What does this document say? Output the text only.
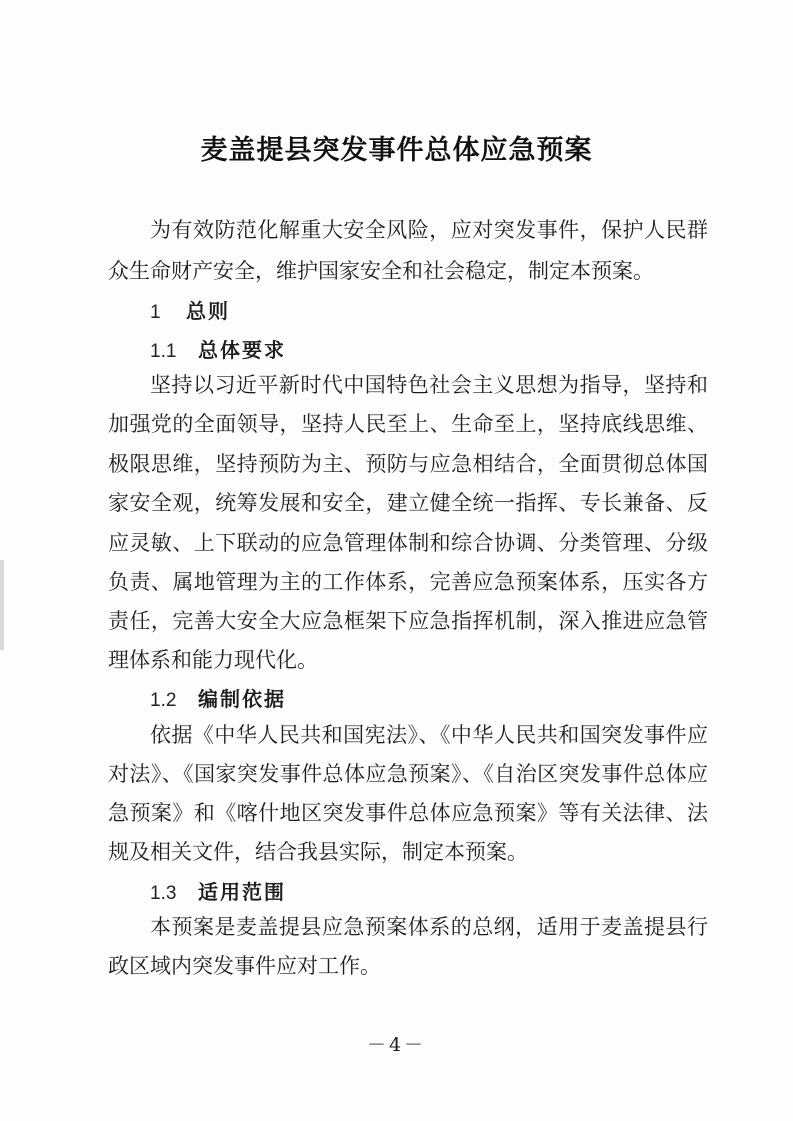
麦盖提县突发事件总体应急预案

为有效防范化解重大安全风险，应对突发事件，保护人民群

众生命财产安全，维护国家安全和社会稳定，制定本预案。

1 总则
1.1 总体要求

坚持以习近平新时代中国特色社会主义思想为指导，坚持和

加强党的全面领导，坚持人民至上、生命至上，坚持底线思维、

极限思维，坚持预防为主、预防与应急相结合，全面贯彻总体国

家安全观，统筹发展和安全，建立健全统一指挥、专长兼备、反

应灵敏、上下联动的应急管理体制和综合协调、分类管理、分级

负责、属地管理为主的工作体系，完善应急预案体系，压实各方

责任，完善大安全大应急框架下应急指挥机制，深入推进应急管

理体系和能力现代化。

1.2 编制依据

依据《中华人民共和国宪法》、《中华人民共和国突发事件应

对法》、《国家突发事件总体应急预案》、《自治区突发事件总体应

急预案》和《喀什地区突发事件总体应急预案》等有关法律、法

规及相关文件，结合我县实际，制定本预案。

1.3 适用范围

本预案是麦盖提县应急预案体系的总纲，适用于麦盖提县行

政区域内突发事件应对工作。

－4－
